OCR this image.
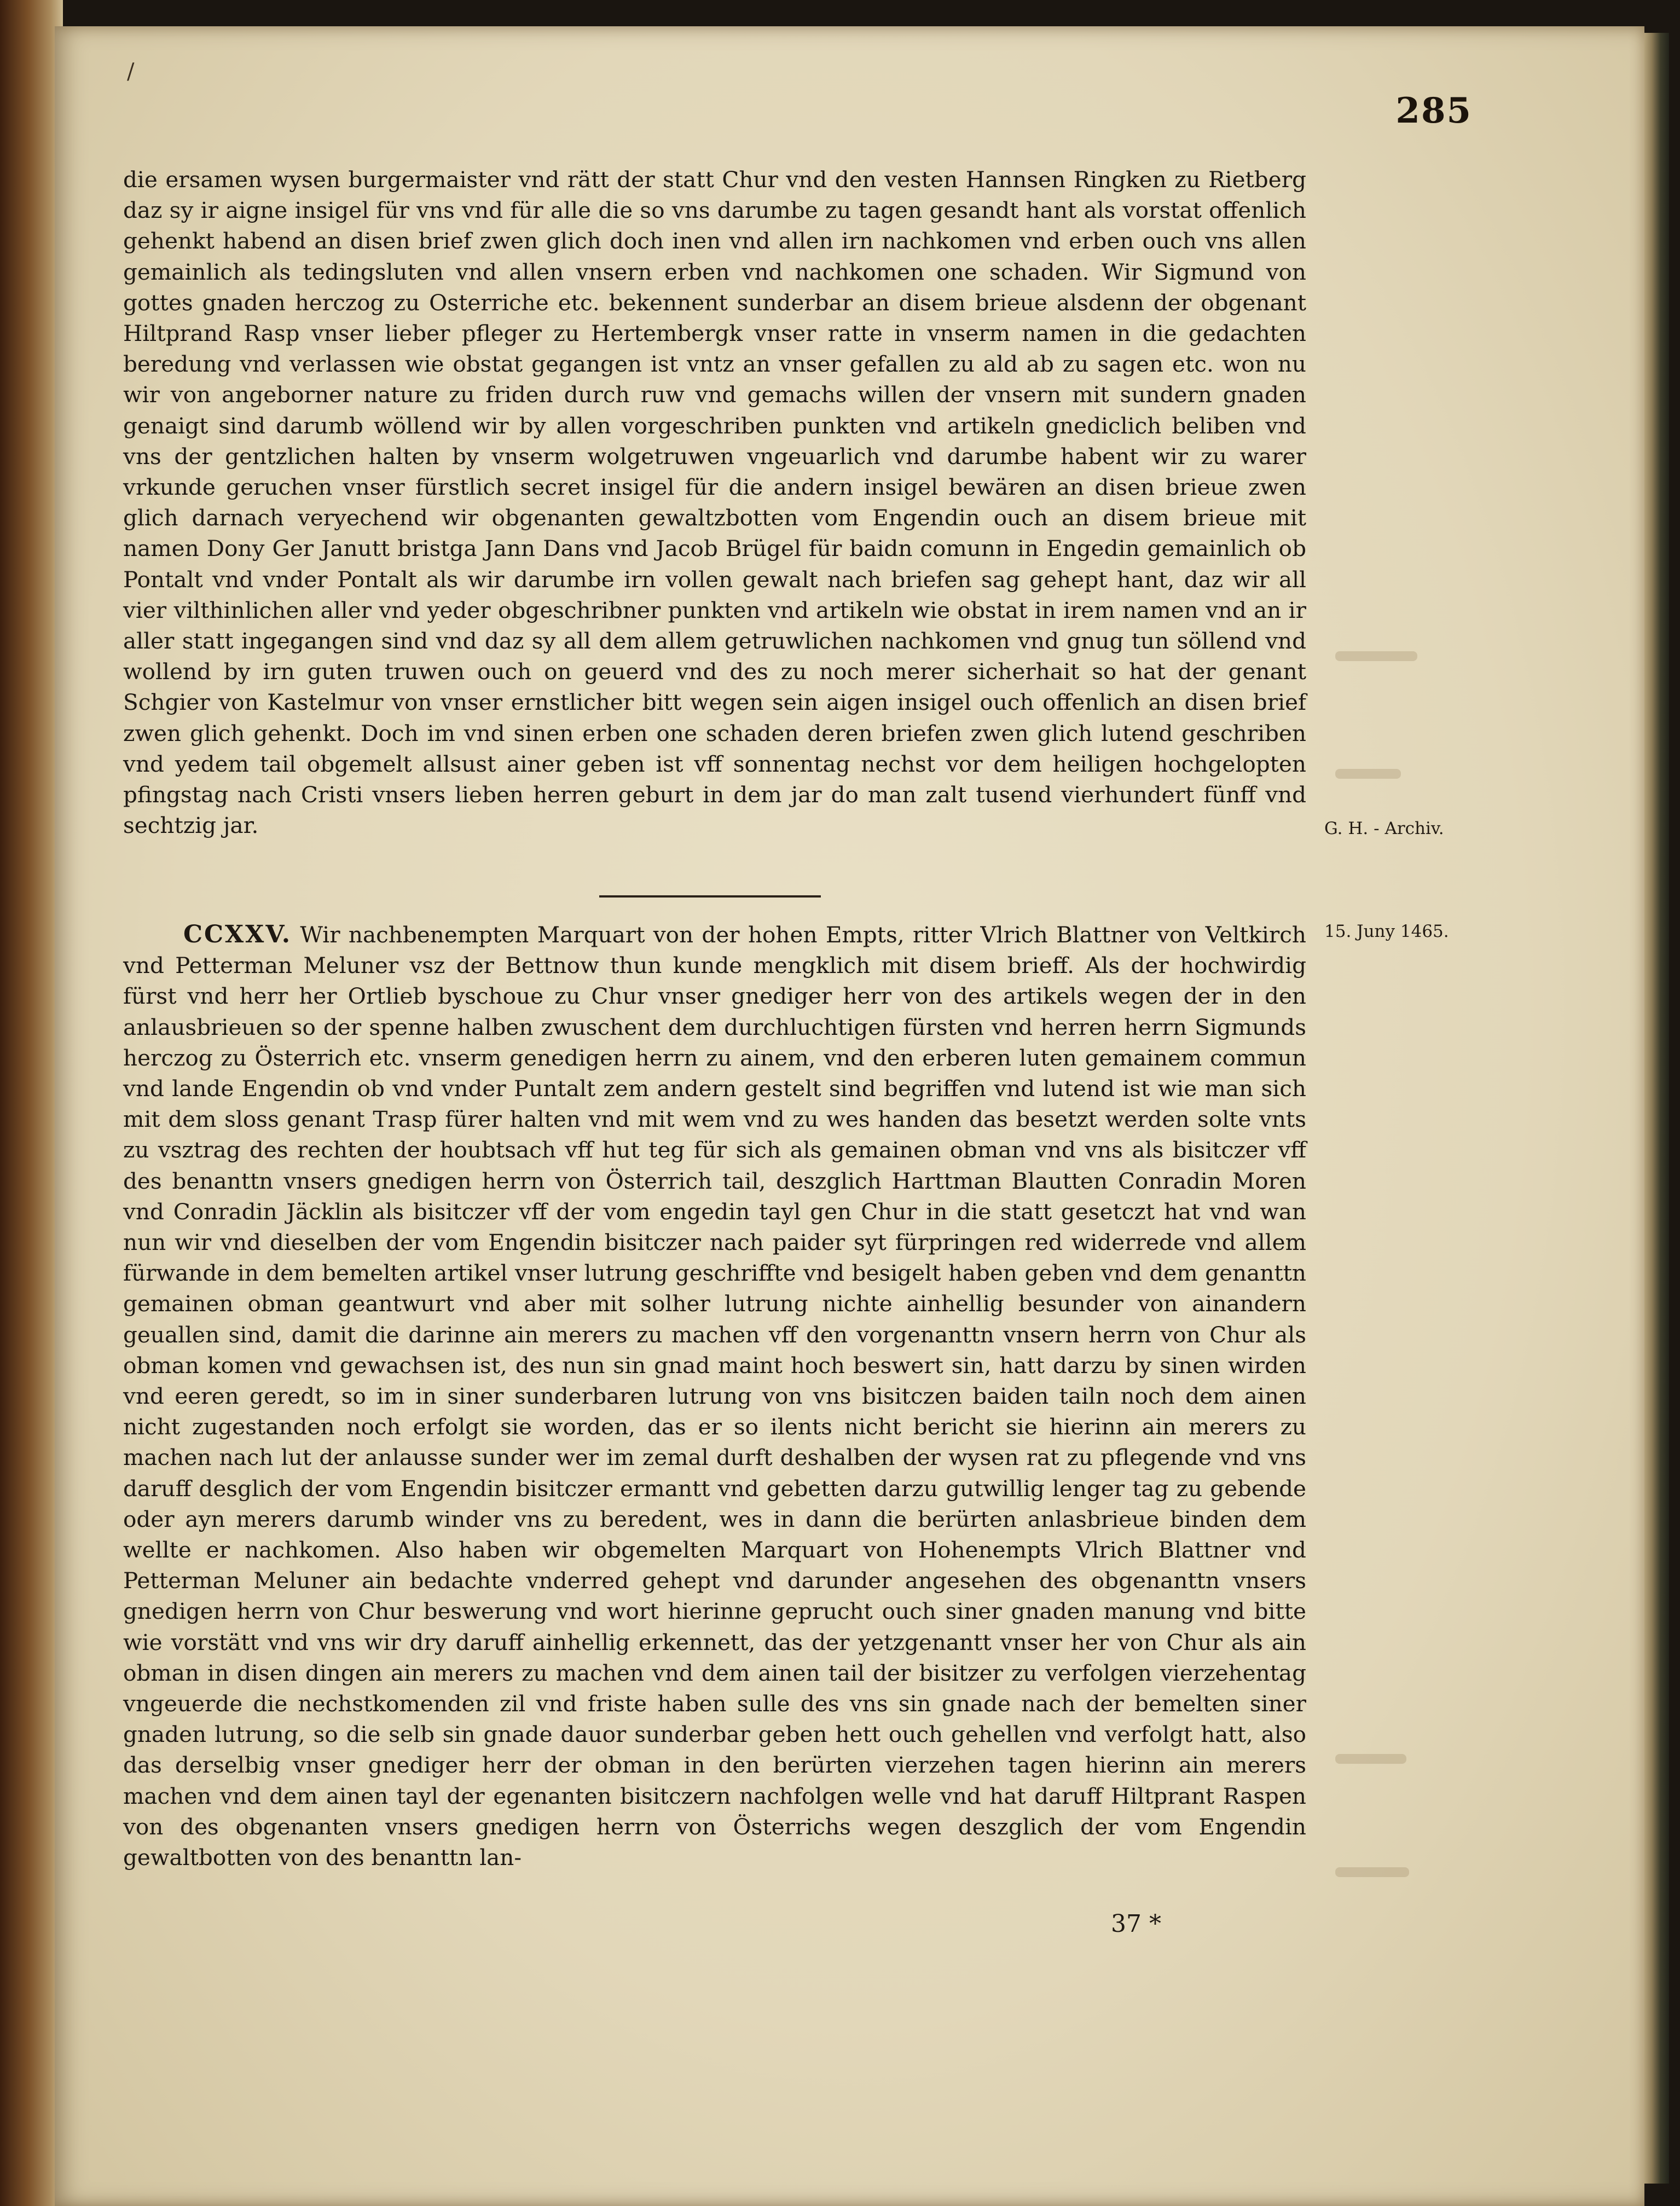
/
285

die ersamen wysen burgermaister vnd rätt der statt Chur vnd den vesten Hannsen Ringken zu Rietberg daz sy ir aigne insigel für vns vnd für alle die so vns darumbe zu tagen gesandt hant als vorstat offenlich gehenkt habend an disen brief zwen glich doch inen vnd allen irn nachkomen vnd erben ouch vns allen gemainlich als tedingsluten vnd allen vnsern erben vnd nachkomen one schaden. Wir Sigmund von gottes gnaden herczog zu Osterriche etc. bekennent sunderbar an disem brieue alsdenn der obgenant Hiltprand Rasp vnser lieber pfleger zu Hertembergk vnser ratte in vnserm namen in die gedachten beredung vnd verlassen wie obstat gegangen ist vntz an vnser gefallen zu ald ab zu sagen etc. won nu wir von angeborner nature zu friden durch ruw vnd gemachs willen der vnsern mit sundern gnaden genaigt sind darumb wöllend wir by allen vorgeschriben punkten vnd artikeln gnediclich beliben vnd vns der gentzlichen halten by vnserm wolgetruwen vngeuarlich vnd darumbe habent wir zu warer vrkunde geruchen vnser fürstlich secret insigel für die andern insigel bewären an disen brieue zwen glich darnach veryechend wir obgenanten gewaltzbotten vom Engendin ouch an disem brieue mit namen Dony Ger Janutt bristga Jann Dans vnd Jacob Brügel für baidn comunn in Engedin gemainlich ob Pontalt vnd vnder Pontalt als wir darumbe irn vollen gewalt nach briefen sag gehept hant, daz wir all vier vilthinlichen aller vnd yeder obgeschribner punkten vnd artikeln wie obstat in irem namen vnd an ir aller statt ingegangen sind vnd daz sy all dem allem getruwlichen nachkomen vnd gnug tun söllend vnd wollend by irn guten truwen ouch on geuerd vnd des zu noch merer sicherhait so hat der genant Schgier von Kastelmur von vnser ernstlicher bitt wegen sein aigen insigel ouch offenlich an disen brief zwen glich gehenkt. Doch im vnd sinen erben one schaden deren briefen zwen glich lutend geschriben vnd yedem tail obgemelt allsust ainer geben ist vff sonnentag nechst vor dem heiligen hochgelopten pfingstag nach Cristi vnsers lieben herren geburt in dem jar do man zalt tusend vierhundert fünff vnd sechtzig jar.	G. H. - Archiv.
15. Juny 1465.

CCXXV. Wir nachbenempten Marquart von der hohen Empts, ritter Vlrich Blattner von Veltkirch vnd Petterman Meluner vsz der Bettnow thun kunde mengklich mit disem brieff. Als der hochwirdig fürst vnd herr her Ortlieb byschoue zu Chur vnser gnediger herr von des artikels wegen der in den anlausbrieuen so der spenne halben zwuschent dem durchluchtigen fürsten vnd herren herrn Sigmunds herczog zu Österrich etc. vnserm genedigen herrn zu ainem, vnd den erberen luten gemainem commun vnd lande Engendin ob vnd vnder Puntalt zem andern gestelt sind begriffen vnd lutend ist wie man sich mit dem sloss genant Trasp fürer halten vnd mit wem vnd zu wes handen das besetzt werden solte vnts zu vsztrag des rechten der houbtsach vff hut teg für sich als gemainen obman vnd vns als bisitczer vff des benanttn vnsers gnedigen herrn von Österrich tail, deszglich Harttman Blautten Conradin Moren vnd Conradin Jäcklin als bisitczer vff der vom engedin tayl gen Chur in die statt gesetczt hat vnd wan nun wir vnd dieselben der vom Engendin bisitczer nach paider syt fürpringen red widerrede vnd allem fürwande in dem bemelten artikel vnser lutrung geschriffte vnd besigelt haben geben vnd dem genanttn gemainen obman geantwurt vnd aber mit solher lutrung nichte ainhellig besunder von ainandern geuallen sind, damit die darinne ain merers zu machen vff den vorgenanttn vnsern herrn von Chur als obman komen vnd gewachsen ist, des nun sin gnad maint hoch beswert sin, hatt darzu by sinen wirden vnd eeren geredt, so im in siner sunderbaren lutrung von vns bisitczen baiden tailn noch dem ainen nicht zugestanden noch erfolgt sie worden, das er so ilents nicht bericht sie hierinn ain merers zu machen nach lut der anlausse sunder wer im zemal durft deshalben der wysen rat zu pflegende vnd vns daruff desglich der vom Engendin bisitczer ermantt vnd gebetten darzu gutwillig lenger tag zu gebende oder ayn merers darumb winder vns zu beredent, wes in dann die berürten anlasbrieue binden dem wellte er nachkomen. Also haben wir obgemelten Marquart von Hohenempts Vlrich Blattner vnd Petterman Meluner ain bedachte vnderred gehept vnd darunder angesehen des obgenanttn vnsers gnedigen herrn von Chur beswerung vnd wort hierinne geprucht ouch siner gnaden manung vnd bitte wie vorstätt vnd vns wir dry daruff ainhellig erkennett, das der yetzgenantt vnser her von Chur als ain obman in disen dingen ain merers zu machen vnd dem ainen tail der bisitzer zu verfolgen vierzehentag vngeuerde die nechstkomenden zil vnd friste haben sulle des vns sin gnade nach der bemelten siner gnaden lutrung, so die selb sin gnade dauor sunderbar geben hett ouch gehellen vnd verfolgt hatt, also das derselbig vnser gnediger herr der obman in den berürten vierzehen tagen hierinn ain merers machen vnd dem ainen tayl der egenanten bisitczern nachfolgen welle vnd hat daruff Hiltprant Raspen von des obgenanten vnsers gnedigen herrn von Österrichs wegen deszglich der vom Engendin gewaltbotten von des benanttn lan-

37 *
